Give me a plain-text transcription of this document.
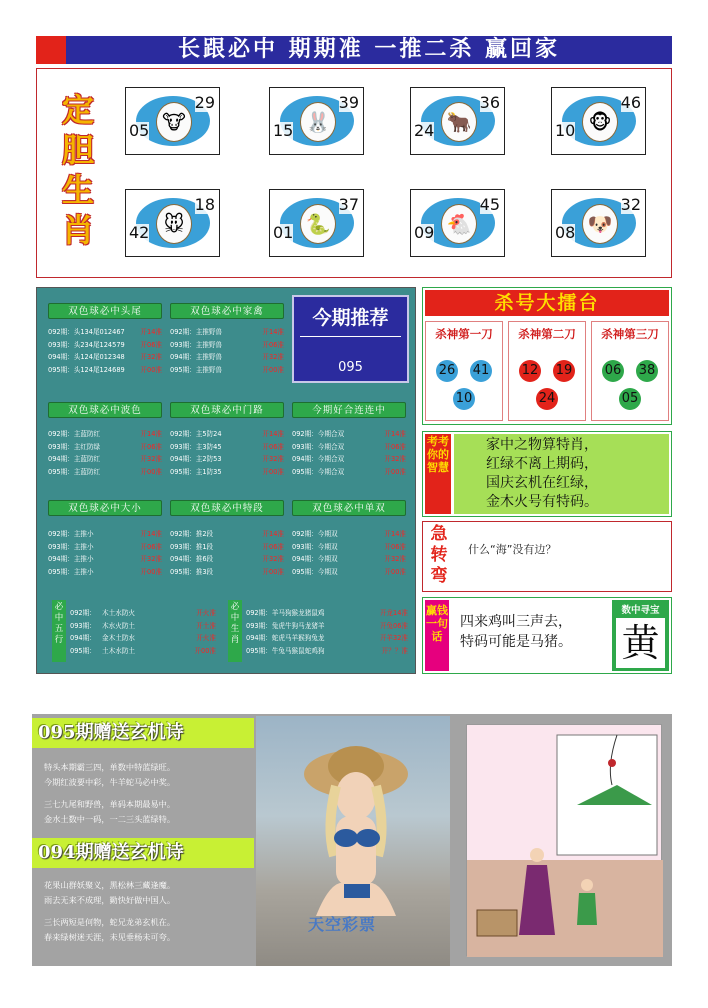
长跟必中 期期准 一推二杀 赢回家
定胆生肖
🐮
05
29
🐰
15
39
🐂
24
36
🐵
10
46
🐭
42
18
🐍
01
37
🐔
09
45
🐶
08
32
双色球必中头尾	双色球必中家禽
092期：头134尾012467 开14准
093期：头234尾124579 开06准
094期：头124尾012348 开32准
095期：头124尾124689 开00准
092期：主推野兽	开14准
093期：主推野兽	开06准
094期：主推野兽	开32准
095期：主推野兽	开00准
今期推荐
095
双色球必中波色	双色球必中门路	今期好合连连中
092期：主蓝防红	开14准
093期：主红防绿	开06准
094期：主蓝防红	开32准
095期：主蓝防红	开00准
092期：主5防24	开14准
093期：主3防45	开06准
094期：主2防53	开32准
095期：主1防35	开00准
092期：今期合双	开14准
093期：今期合双	开06准
094期：今期合双	开32准
095期：今期合双	开00准
双色球必中大小	双色球必中特段	双色球必中单双
092期：主推小	开14准
093期：主推小	开06准
094期：主推小	开32准
095期：主推小	开00准
092期：推2段	开14准
093期：推1段	开06准
094期：推6段	开32准
095期：推3段	开00准
092期：今期双	开14准
093期：今期双	开06准
094期：今期双	开32准
095期：今期双	开00准
必中五行
092期：   木土水防火	开火准
093期：   木水火防土	开土准
094期：   金木土防水	开火准
095期：   土木水防土	开00准
必中生肖
092期：羊马狗猴龙猪鼠鸡	开龙14准
093期：兔虎牛狗马龙猪羊	开兔06准
094期：蛇虎马羊猴狗兔龙	开羊32准
095期：牛兔马猴鼠蛇鸡狗	开？？准
杀号大擂台
杀神第一刀
26 41
10
杀神第二刀
12 19
24
杀神第三刀
06 38
05
考考你的智慧
家中之物算特肖，
红绿不离上期码，
国庆玄机在红绿，
金木火号有特码。
急转弯
什么“海”没有边？
赢钱一句话
四来鸡叫三声去，
特码可能是马猪。
数中寻宝
黄
095期赠送玄机诗
特头本期霸三四，单数中特蓝绿旺。
今期红波要中彩，牛羊蛇马必中奖。
三七九尾和野兽，单码本期最易中。
金水土数中一码，一二三头蓝绿特。
094期赠送玄机诗
花果山群妖聚义，黑松林三藏逢魔。
雨去无来不成理，勤快好做中国人。
三长两短是何物，蛇兄龙弟玄机在。
春来绿树迷天涯，未见垂杨未可夸。
天空彩票
